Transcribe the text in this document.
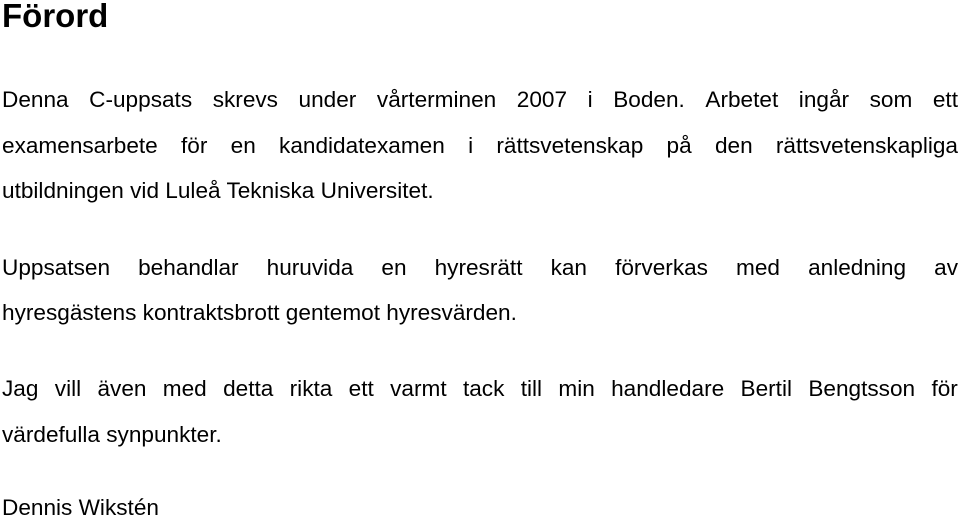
Förord

Denna C-uppsats skrevs under vårterminen 2007 i Boden. Arbetet ingår som ett

examensarbete för en kandidatexamen i rättsvetenskap på den rättsvetenskapliga

utbildningen vid Luleå Tekniska Universitet.

Uppsatsen behandlar huruvida en hyresrätt kan förverkas med anledning av

hyresgästens kontraktsbrott gentemot hyresvärden.

Jag vill även med detta rikta ett varmt tack till min handledare Bertil Bengtsson för

värdefulla synpunkter.

Dennis Wikstén
